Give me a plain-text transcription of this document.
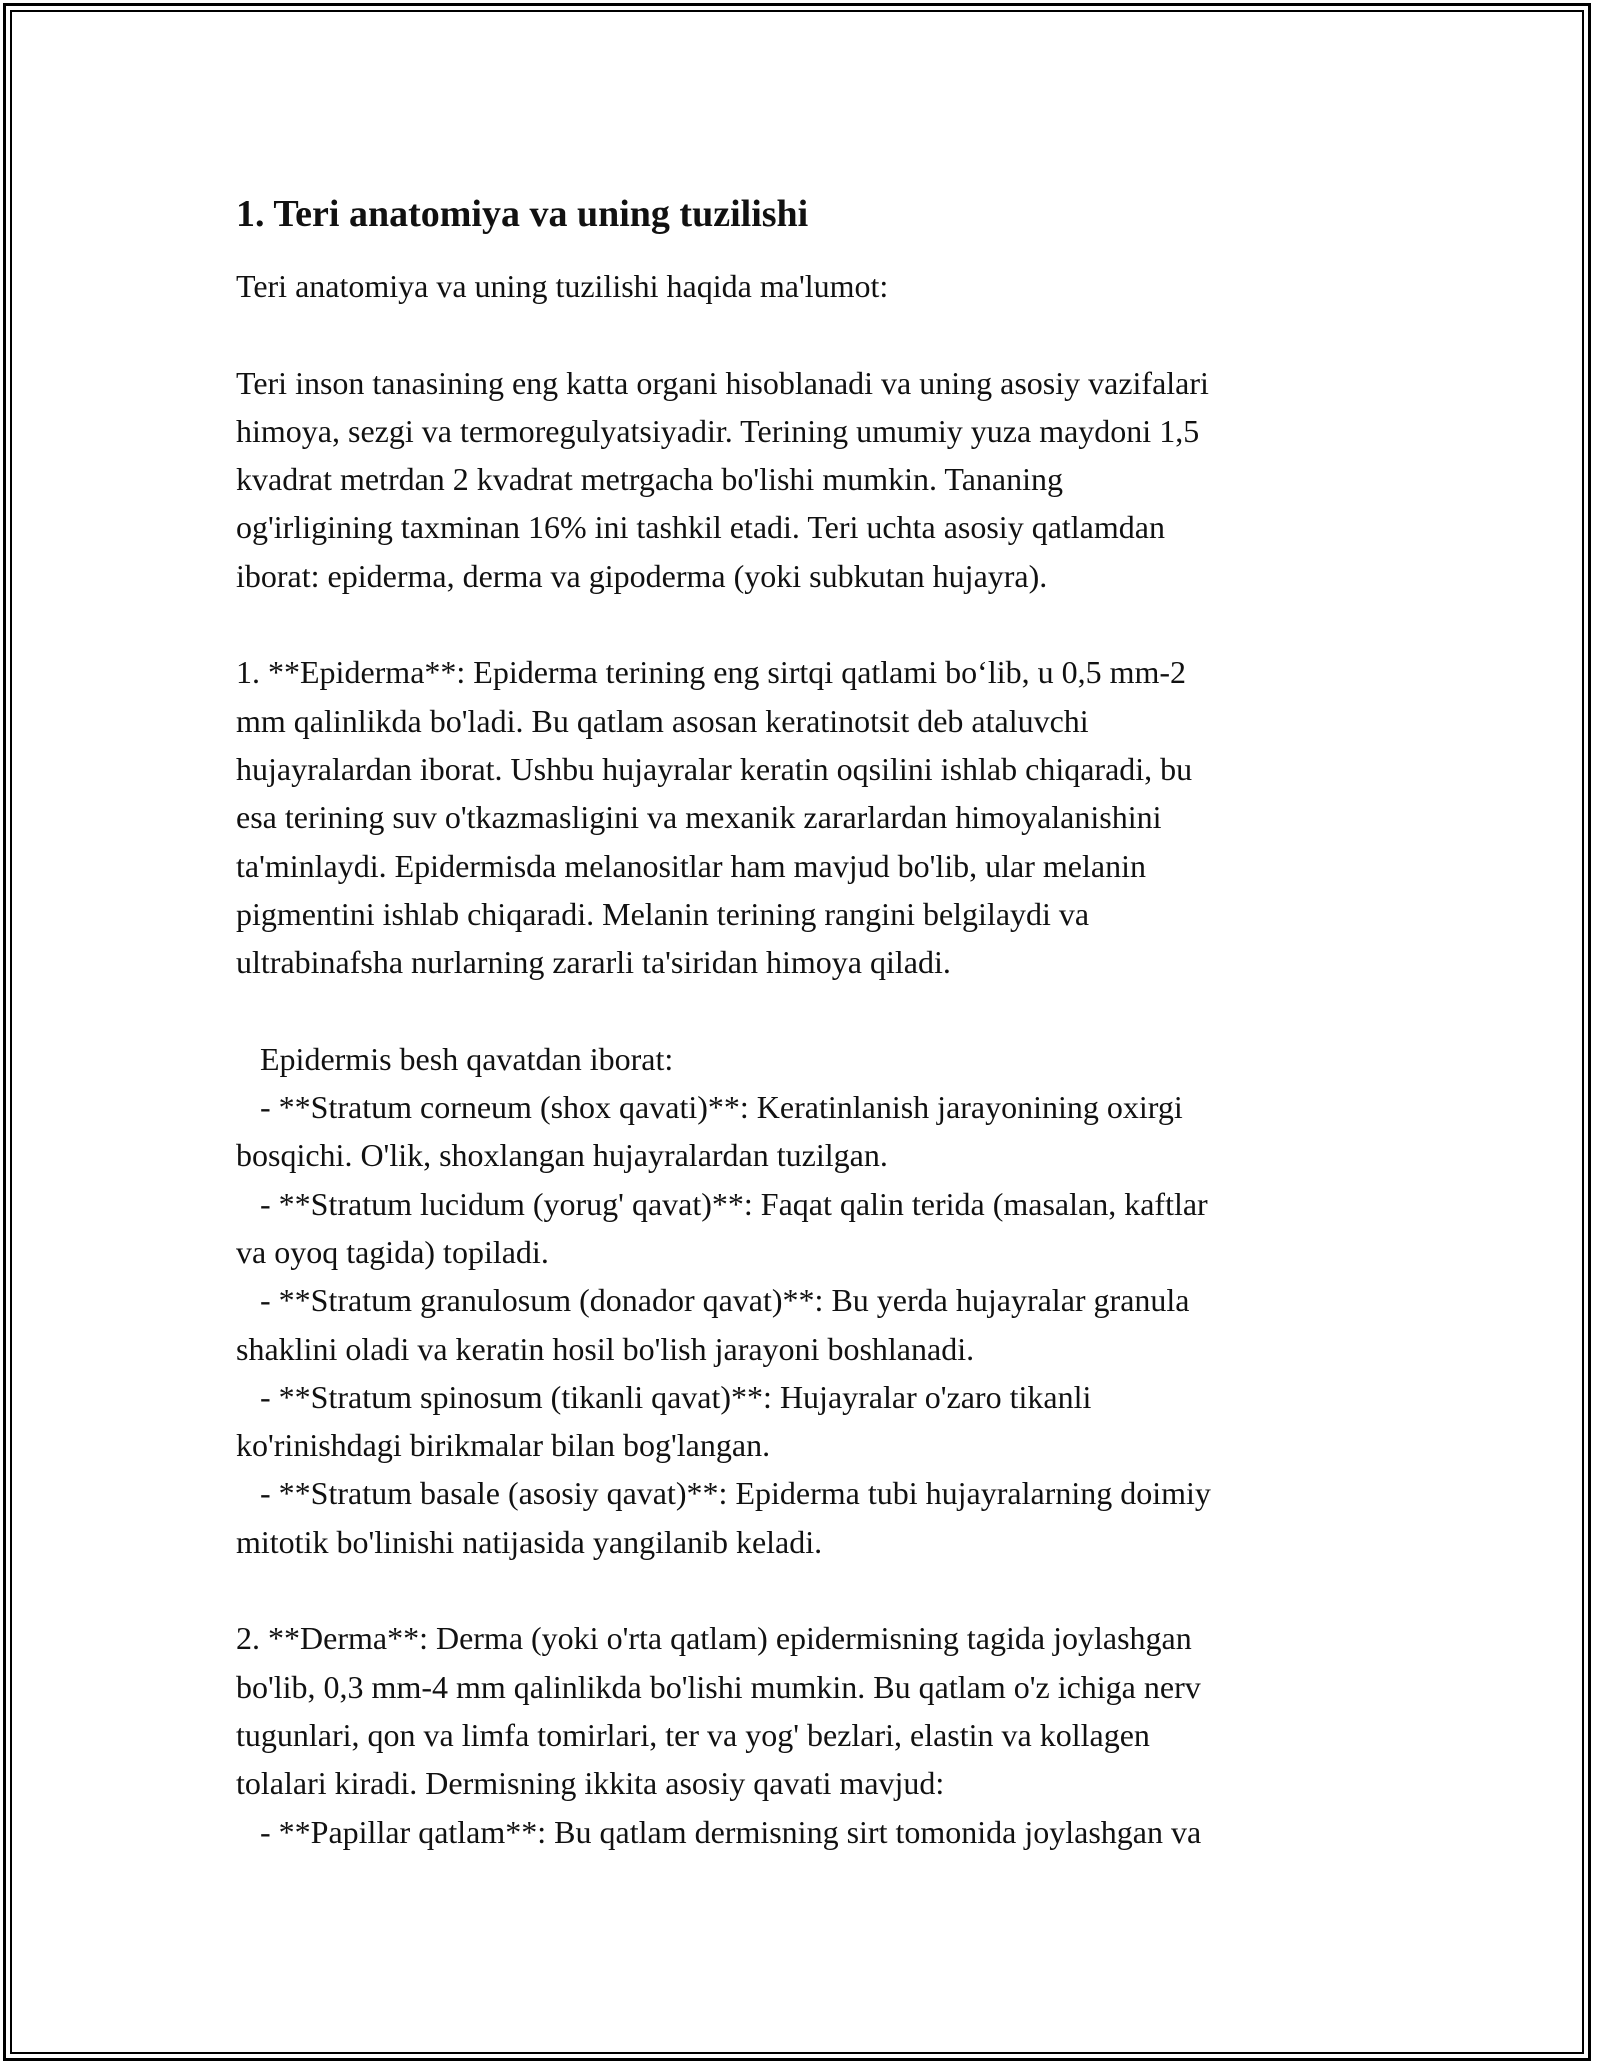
1. Teri anatomiya va uning tuzilishi

Teri anatomiya va uning tuzilishi haqida ma'lumot:

Teri inson tanasining eng katta organi hisoblanadi va uning asosiy vazifalari

himoya, sezgi va termoregulyatsiyadir. Terining umumiy yuza maydoni 1,5

kvadrat metrdan 2 kvadrat metrgacha bo'lishi mumkin. Tananing

og'irligining taxminan 16% ini tashkil etadi. Teri uchta asosiy qatlamdan

iborat: epiderma, derma va gipoderma (yoki subkutan hujayra).

1. **Epiderma**: Epiderma terining eng sirtqi qatlami bo‘lib, u 0,5 mm-2

mm qalinlikda bo'ladi. Bu qatlam asosan keratinotsit deb ataluvchi

hujayralardan iborat. Ushbu hujayralar keratin oqsilini ishlab chiqaradi, bu

esa terining suv o'tkazmasligini va mexanik zararlardan himoyalanishini

ta'minlaydi. Epidermisda melanositlar ham mavjud bo'lib, ular melanin

pigmentini ishlab chiqaradi. Melanin terining rangini belgilaydi va

ultrabinafsha nurlarning zararli ta'siridan himoya qiladi.

Epidermis besh qavatdan iborat:

- **Stratum corneum (shox qavati)**: Keratinlanish jarayonining oxirgi

bosqichi. O'lik, shoxlangan hujayralardan tuzilgan.

- **Stratum lucidum (yorug' qavat)**: Faqat qalin terida (masalan, kaftlar

va oyoq tagida) topiladi.

- **Stratum granulosum (donador qavat)**: Bu yerda hujayralar granula

shaklini oladi va keratin hosil bo'lish jarayoni boshlanadi.

- **Stratum spinosum (tikanli qavat)**: Hujayralar o'zaro tikanli

ko'rinishdagi birikmalar bilan bog'langan.

- **Stratum basale (asosiy qavat)**: Epiderma tubi hujayralarning doimiy

mitotik bo'linishi natijasida yangilanib keladi.

2. **Derma**: Derma (yoki o'rta qatlam) epidermisning tagida joylashgan

bo'lib, 0,3 mm-4 mm qalinlikda bo'lishi mumkin. Bu qatlam o'z ichiga nerv

tugunlari, qon va limfa tomirlari, ter va yog' bezlari, elastin va kollagen

tolalari kiradi. Dermisning ikkita asosiy qavati mavjud:

- **Papillar qatlam**: Bu qatlam dermisning sirt tomonida joylashgan va
